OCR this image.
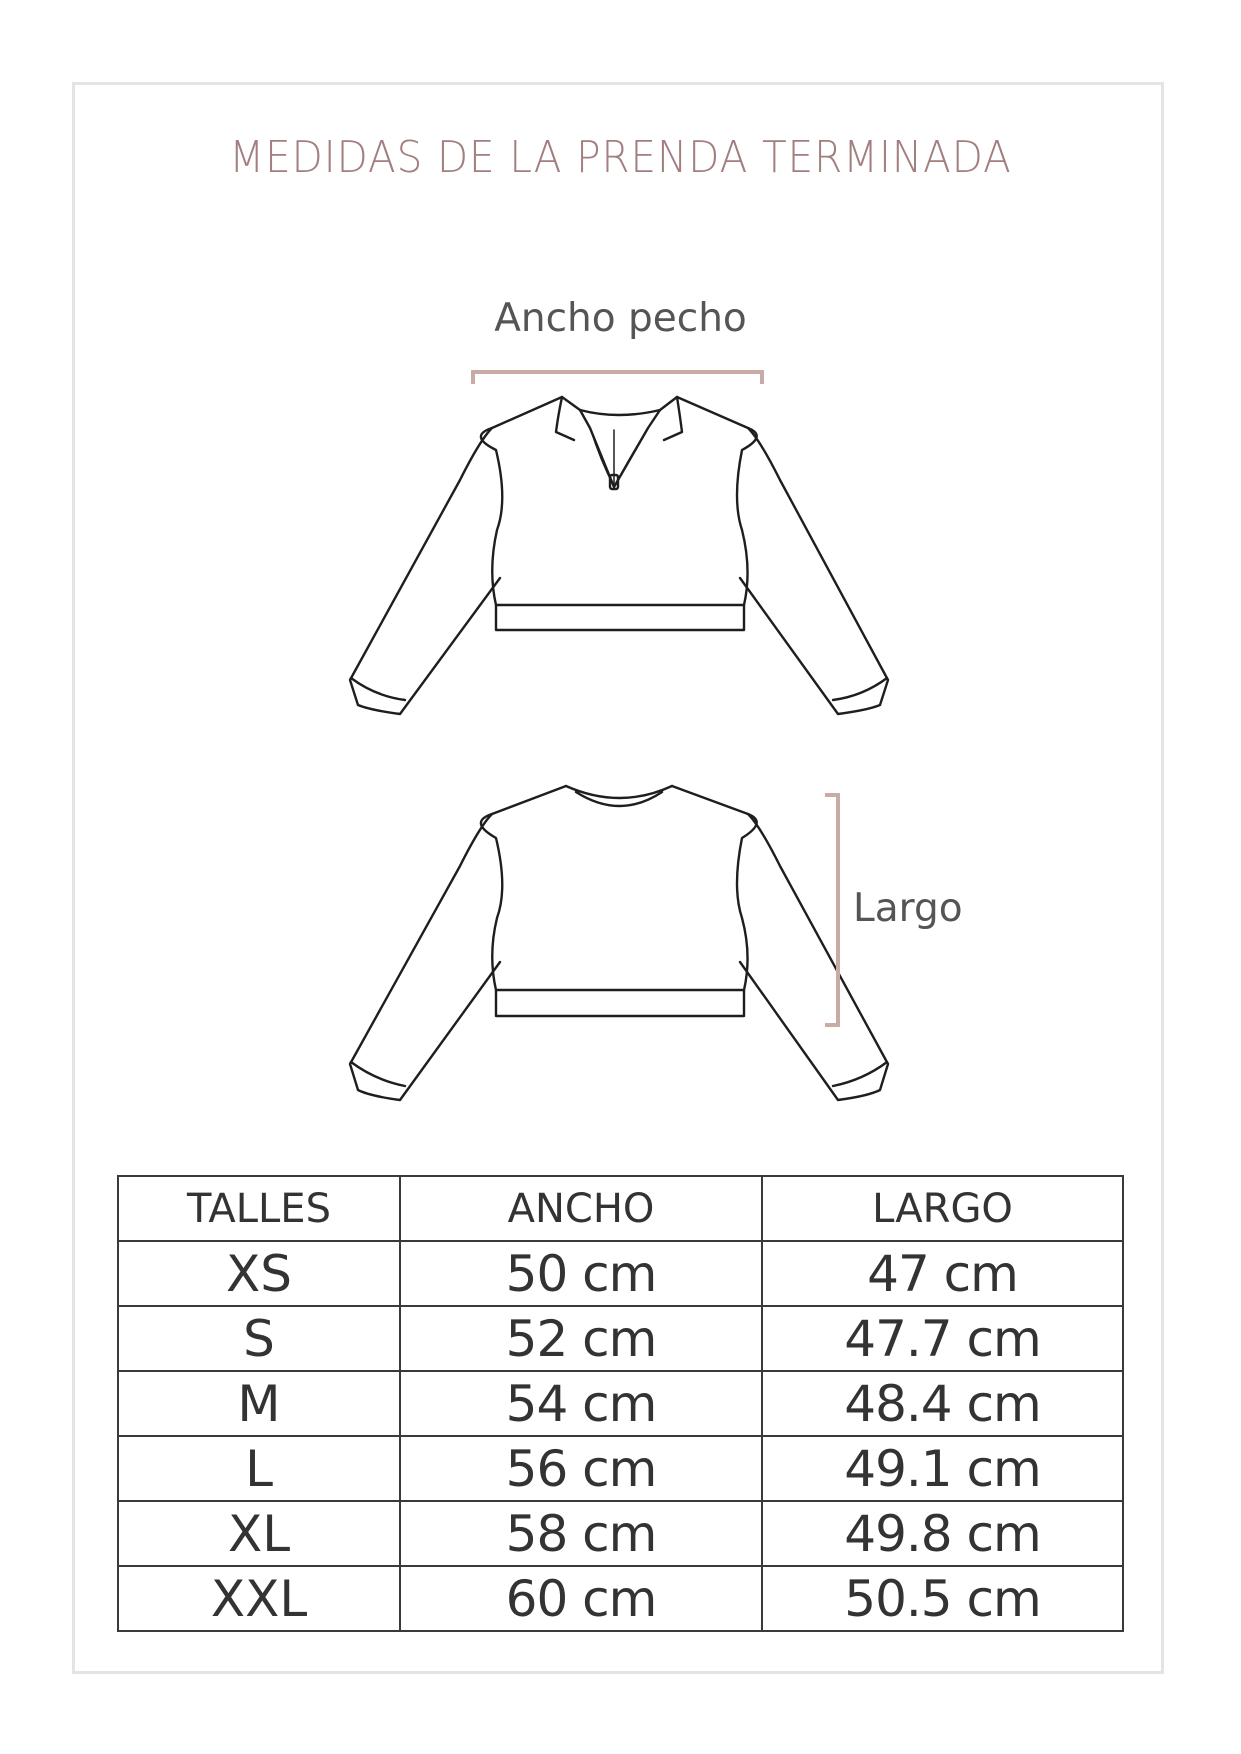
MEDIDAS DE LA PRENDA TERMINADA
Ancho pecho
Largo
TALLES	ANCHO	LARGO
XS	50 cm	47 cm
S	52 cm	47.7 cm
M	54 cm	48.4 cm
L	56 cm	49.1 cm
XL	58 cm	49.8 cm
XXL	60 cm	50.5 cm
